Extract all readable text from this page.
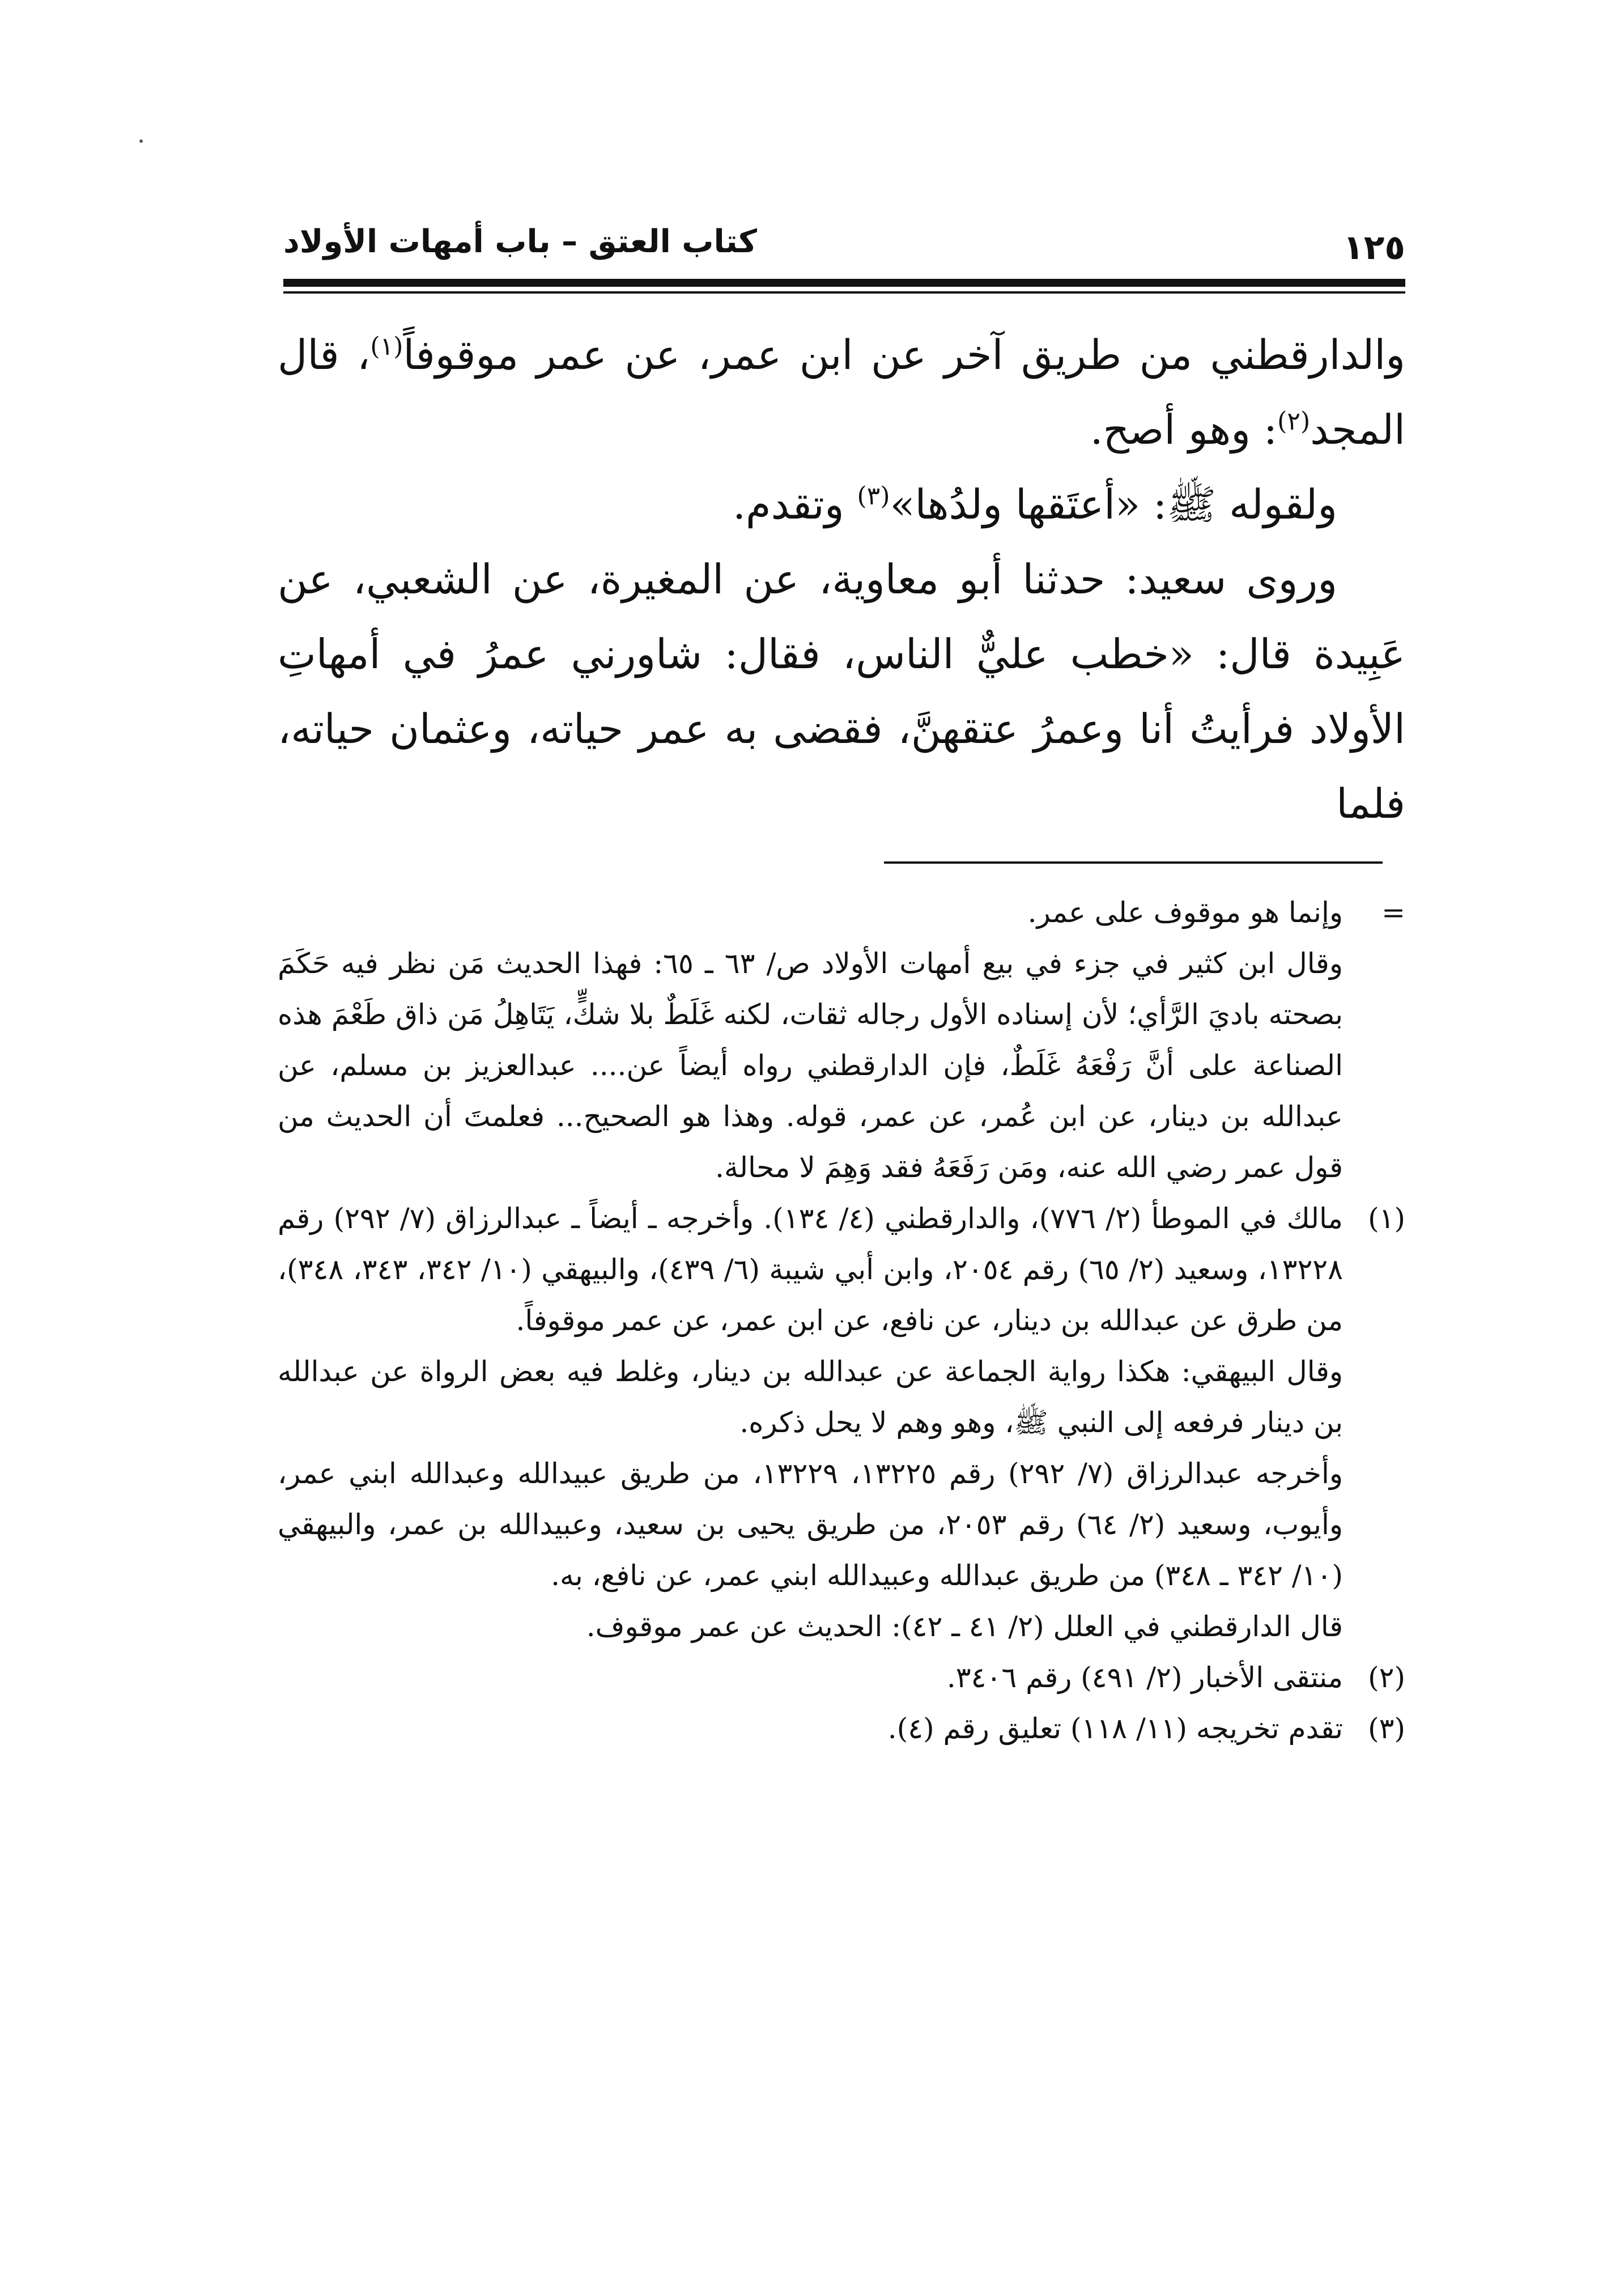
كتاب العتق – باب أمهات الأولاد	١٢٥

والدارقطني من طريق آخر عن ابن عمر، عن عمر موقوفاً$^{(١)}$، قال المجد$^{(٢)}$: وهو أصح.

ولقوله ﷺ: «أعتَقها ولدُها»$^{(٣)}$ وتقدم.

وروى سعيد: حدثنا أبو معاوية، عن المغيرة، عن الشعبي، عن عَبِيدة قال: «خطب عليٌّ الناس، فقال: شاورني عمرُ في أمهاتِ الأولاد فرأيتُ أنا وعمرُ عتقهنَّ، فقضى به عمر حياته، وعثمان حياته، فلما

=

وإنما هو موقوف على عمر.

وقال ابن كثير في جزء في بيع أمهات الأولاد ص/ ٦٣ ـ ٦٥: فهذا الحديث مَن نظر فيه حَكَمَ بصحته باديَ الرَّأي؛ لأن إسناده الأول رجاله ثقات، لكنه غَلَطٌ بلا شكٍّ، يَتَاهِلُ مَن ذاق طَعْمَ هذه الصناعة على أنَّ رَفْعَهُ غَلَطٌ، فإن الدارقطني رواه أيضاً عن.... عبدالعزيز بن مسلم، عن عبدالله بن دينار، عن ابن عُمر، عن عمر، قوله. وهذا هو الصحيح... فعلمتَ أن الحديث من قول عمر رضي الله عنه، ومَن رَفَعَهُ فقد وَهِمَ لا محالة.

(١)

مالك في الموطأ (٢/ ٧٧٦)، والدارقطني (٤/ ١٣٤). وأخرجه ـ أيضاً ـ عبدالرزاق (٧/ ٢٩٢) رقم ١٣٢٢٨، وسعيد (٢/ ٦٥) رقم ٢٠٥٤، وابن أبي شيبة (٦/ ٤٣٩)، والبيهقي (١٠/ ٣٤٢، ٣٤٣، ٣٤٨)، من طرق عن عبدالله بن دينار، عن نافع، عن ابن عمر، عن عمر موقوفاً.

وقال البيهقي: هكذا رواية الجماعة عن عبدالله بن دينار، وغلط فيه بعض الرواة عن عبدالله بن دينار فرفعه إلى النبي ﷺ، وهو وهم لا يحل ذكره.

وأخرجه عبدالرزاق (٧/ ٢٩٢) رقم ١٣٢٢٥، ١٣٢٢٩، من طريق عبيدالله وعبدالله ابني عمر، وأيوب، وسعيد (٢/ ٦٤) رقم ٢٠٥٣، من طريق يحيى بن سعيد، وعبيدالله بن عمر، والبيهقي (١٠/ ٣٤٢ ـ ٣٤٨) من طريق عبدالله وعبيدالله ابني عمر، عن نافع، به.

قال الدارقطني في العلل (٢/ ٤١ ـ ٤٢): الحديث عن عمر موقوف.

(٢)

منتقى الأخبار (٢/ ٤٩١) رقم ٣٤٠٦.

(٣)

تقدم تخريجه (١١/ ١١٨) تعليق رقم (٤).
